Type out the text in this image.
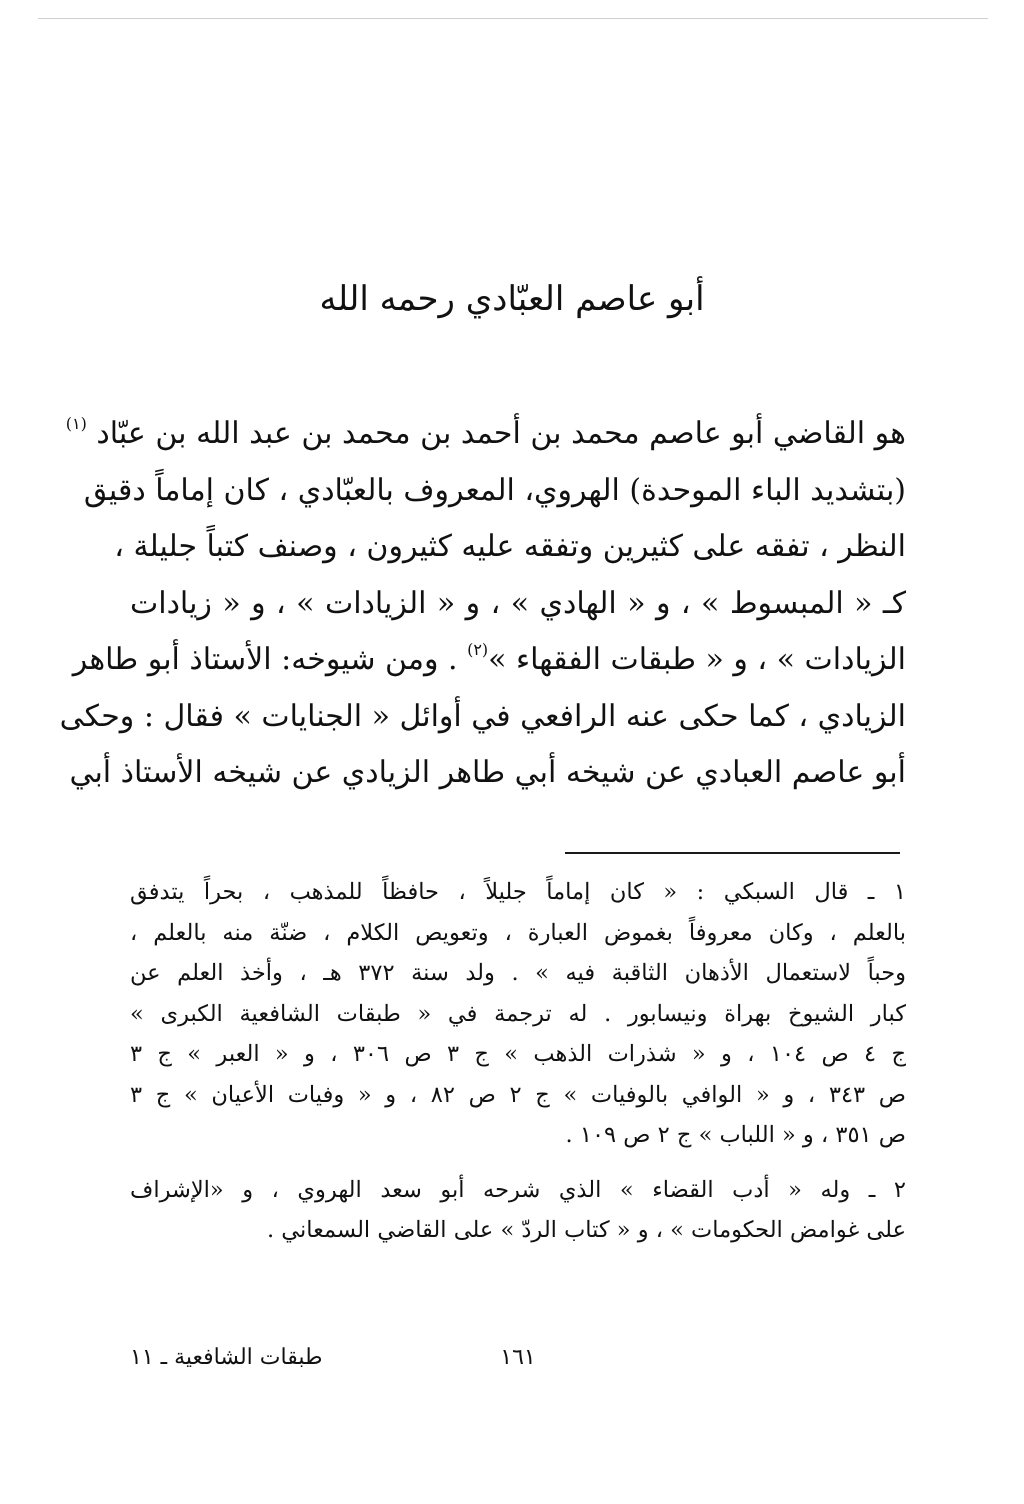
أبو عاصم العبّادي رحمه الله
هو القاضي أبو عاصم محمد بن أحمد بن محمد بن عبد الله بن عبّاد $^{(١)}$
(بتشديد الباء الموحدة) الهروي، المعروف بالعبّادي ، كان إماماً دقيق
النظر ، تفقه على كثيرين وتفقه عليه كثيرون ، وصنف كتباً جليلة ،
كـ « المبسوط » ، و « الهادي » ، و « الزيادات » ، و « زيادات
الزيادات » ، و « طبقات الفقهاء »$^{(٢)}$ . ومن شيوخه: الأستاذ أبو طاهر
الزيادي ، كما حكى عنه الرافعي في أوائل « الجنايات » فقال : وحكى
أبو عاصم العبادي عن شيخه أبي طاهر الزيادي عن شيخه الأستاذ أبي
١ ـ قال السبكي : « كان إماماً جليلاً ، حافظاً للمذهب ، بحراً يتدفق
بالعلم ، وكان معروفاً بغموض العبارة ، وتعويص الكلام ، ضنّة منه بالعلم ،
وحباً لاستعمال الأذهان الثاقبة فيه » . ولد سنة ٣٧٢ هـ ، وأخذ العلم عن
كبار الشيوخ بهراة ونيسابور . له ترجمة في « طبقات الشافعية الكبرى »
ج ٤ ص ١٠٤ ، و « شذرات الذهب » ج ٣ ص ٣٠٦ ، و « العبر » ج ٣
ص ٣٤٣ ، و « الوافي بالوفيات » ج ٢ ص ٨٢ ، و « وفيات الأعيان » ج ٣
ص ٣٥١ ، و « اللباب » ج ٢ ص ١٠٩ .
٢ ـ وله « أدب القضاء » الذي شرحه أبو سعد الهروي ، و «الإشراف
على غوامض الحكومات » ، و « كتاب الردّ » على القاضي السمعاني .
١٦١
طبقات الشافعية ـ ١١
